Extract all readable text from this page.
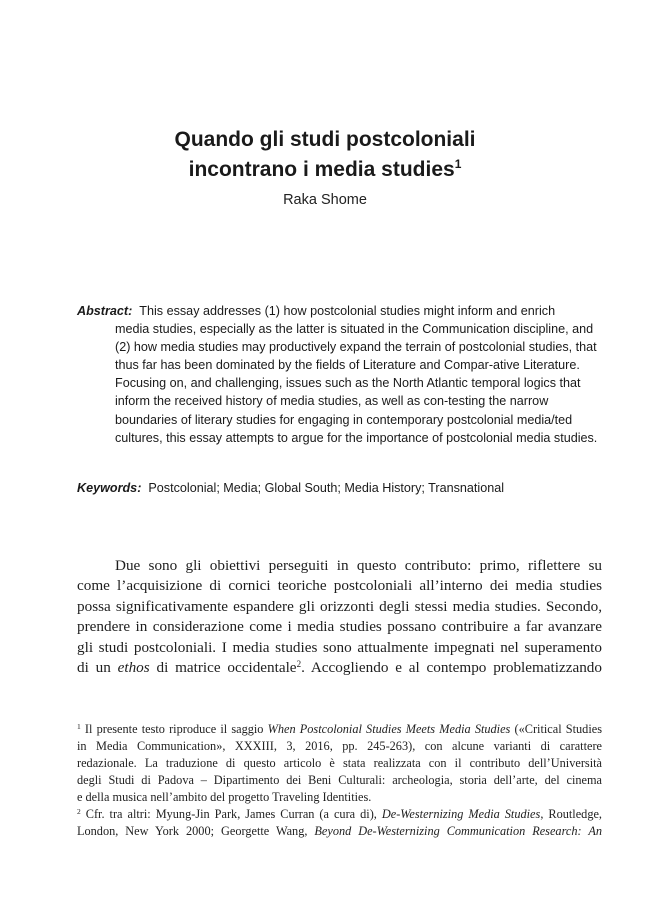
Quando gli studi postcoloniali
incontrano i media studies$^1$
Raka Shome
Abstract: This essay addresses (1) how postcolonial studies might inform and enrich
media studies, especially as the latter is situated in the Communication discipline, and (2) how media studies may productively expand the terrain of postcolonial studies, that thus far has been dominated by the fields of Literature and Compar-ative Literature. Focusing on, and challenging, issues such as the North Atlantic temporal logics that inform the received history of media studies, as well as con-testing the narrow boundaries of literary studies for engaging in contemporary postcolonial media/ted cultures, this essay attempts to argue for the importance of postcolonial media studies.
Keywords: Postcolonial; Media; Global South; Media History; Transnational
Due sono gli obiettivi perseguiti in questo contributo: primo, riflettere su
come l’acquisizione di cornici teoriche postcoloniali all’interno dei media studies
possa significativamente espandere gli orizzonti degli stessi media studies. Secondo,
prendere in considerazione come i media studies possano contribuire a far avanzare
gli studi postcoloniali. I media studies sono attualmente impegnati nel superamento
di un ethos di matrice occidentale$^2$. Accogliendo e al contempo problematizzando
$^1$ Il presente testo riproduce il saggio When Postcolonial Studies Meets Media Studies («Critical Studies
in Media Communication», XXXIII, 3, 2016, pp. 245-263), con alcune varianti di carattere
redazionale. La traduzione di questo articolo è stata realizzata con il contributo dell’Università
degli Studi di Padova – Dipartimento dei Beni Culturali: archeologia, storia dell’arte, del cinema
e della musica nell’ambito del progetto Traveling Identities.
$^2$ Cfr. tra altri: Myung-Jin Park, James Curran (a cura di), De-Westernizing Media Studies, Routledge,
London, New York 2000; Georgette Wang, Beyond De-Westernizing Communication Research: An
